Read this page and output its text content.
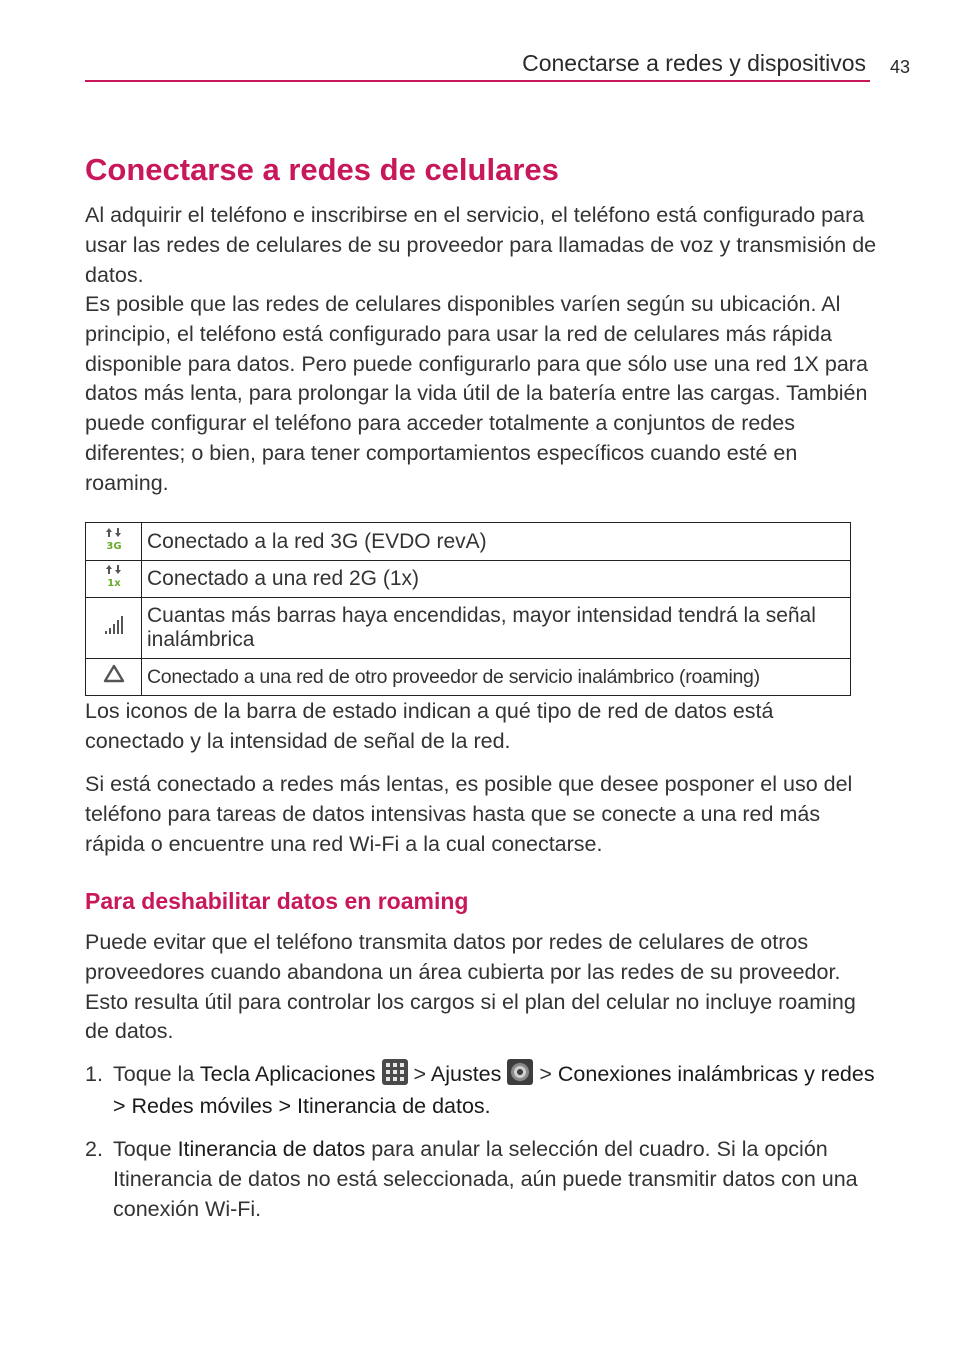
Conectarse a redes y dispositivos 43
Conectarse a redes de celulares

Al adquirir el teléfono e inscribirse en el servicio, el teléfono está configurado para usar las redes de celulares de su proveedor para llamadas de voz y transmisión de datos.

Es posible que las redes de celulares disponibles varíen según su ubicación. Al principio, el teléfono está configurado para usar la red de celulares más rápida disponible para datos. Pero puede configurarlo para que sólo use una red 1X para datos más lenta, para prolongar la vida útil de la batería entre las cargas. También puede configurar el teléfono para acceder totalmente a conjuntos de redes diferentes; o bien, para tener comportamientos específicos cuando esté en roaming.

3G	Conectado a la red 3G (EVDO revA)

1x	Conectado a una red 2G (1x)
	Cuantas más barras haya encendidas, mayor intensidad tendrá la señal inalámbrica
	Conectado a una red de otro proveedor de servicio inalámbrico (roaming)

Los iconos de la barra de estado indican a qué tipo de red de datos está conectado y la intensidad de señal de la red.

Si está conectado a redes más lentas, es posible que desee posponer el uso del teléfono para tareas de datos intensivas hasta que se conecte a una red más rápida o encuentre una red Wi-Fi a la cual conectarse.

Para deshabilitar datos en roaming

Puede evitar que el teléfono transmita datos por redes de celulares de otros proveedores cuando abandona un área cubierta por las redes de su proveedor. Esto resulta útil para controlar los cargos si el plan del celular no incluye roaming de datos.

1. Toque la Tecla Aplicaciones  > Ajustes  > Conexiones inalámbricas y redes > Redes móviles > Itinerancia de datos.
2. Toque Itinerancia de datos para anular la selección del cuadro. Si la opción Itinerancia de datos no está seleccionada, aún puede transmitir datos con una conexión Wi-Fi.
